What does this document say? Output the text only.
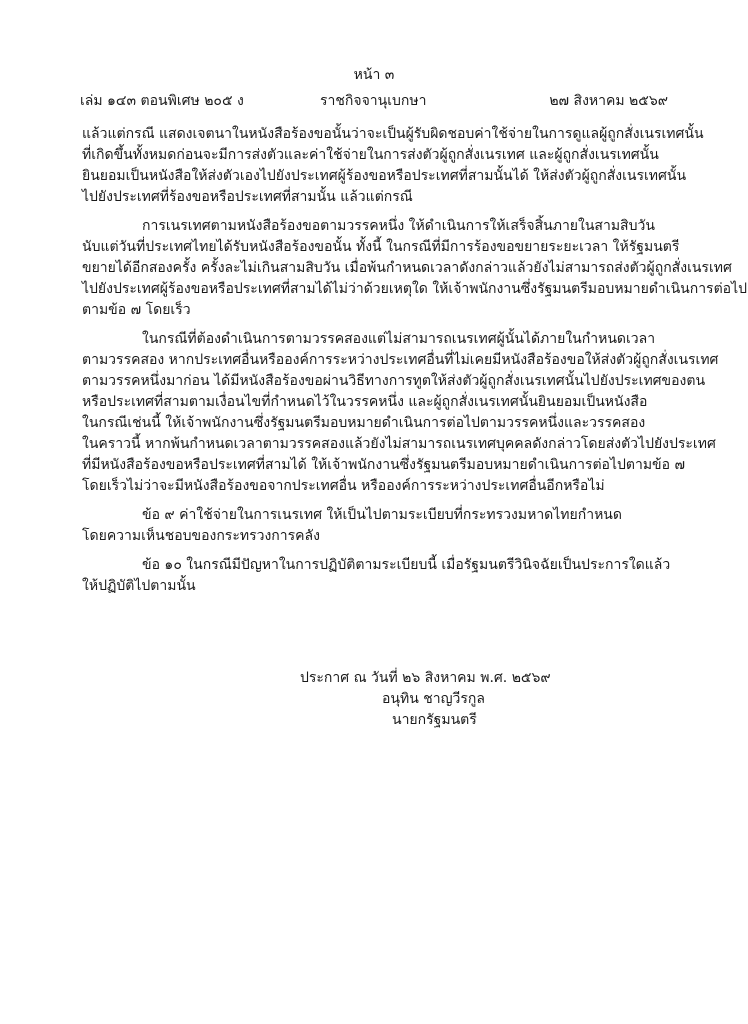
หน้า ๓
เล่ม ๑๔๓ ตอนพิเศษ ๒๐๕ ง	ราชกิจจานุเบกษา	๒๗ สิงหาคม ๒๕๖๙
แล้วแต่กรณี แสดงเจตนาในหนังสือร้องขอนั้นว่าจะเป็นผู้รับผิดชอบค่าใช้จ่ายในการดูแลผู้ถูกสั่งเนรเทศนั้น
ที่เกิดขึ้นทั้งหมดก่อนจะมีการส่งตัวและค่าใช้จ่ายในการส่งตัวผู้ถูกสั่งเนรเทศ และผู้ถูกสั่งเนรเทศนั้น
ยินยอมเป็นหนังสือให้ส่งตัวเองไปยังประเทศผู้ร้องขอหรือประเทศที่สามนั้นได้ ให้ส่งตัวผู้ถูกสั่งเนรเทศนั้น
ไปยังประเทศที่ร้องขอหรือประเทศที่สามนั้น แล้วแต่กรณี
การเนรเทศตามหนังสือร้องขอตามวรรคหนึ่ง ให้ดำเนินการให้เสร็จสิ้นภายในสามสิบวัน
นับแต่วันที่ประเทศไทยได้รับหนังสือร้องขอนั้น ทั้งนี้ ในกรณีที่มีการร้องขอขยายระยะเวลา ให้รัฐมนตรี
ขยายได้อีกสองครั้ง ครั้งละไม่เกินสามสิบวัน เมื่อพ้นกำหนดเวลาดังกล่าวแล้วยังไม่สามารถส่งตัวผู้ถูกสั่งเนรเทศ
ไปยังประเทศผู้ร้องขอหรือประเทศที่สามได้ไม่ว่าด้วยเหตุใด ให้เจ้าพนักงานซึ่งรัฐมนตรีมอบหมายดำเนินการต่อไป
ตามข้อ ๗ โดยเร็ว
ในกรณีที่ต้องดำเนินการตามวรรคสองแต่ไม่สามารถเนรเทศผู้นั้นได้ภายในกำหนดเวลา
ตามวรรคสอง หากประเทศอื่นหรือองค์การระหว่างประเทศอื่นที่ไม่เคยมีหนังสือร้องขอให้ส่งตัวผู้ถูกสั่งเนรเทศ
ตามวรรคหนึ่งมาก่อน ได้มีหนังสือร้องขอผ่านวิธีทางการทูตให้ส่งตัวผู้ถูกสั่งเนรเทศนั้นไปยังประเทศของตน
หรือประเทศที่สามตามเงื่อนไขที่กำหนดไว้ในวรรคหนึ่ง และผู้ถูกสั่งเนรเทศนั้นยินยอมเป็นหนังสือ
ในกรณีเช่นนี้ ให้เจ้าพนักงานซึ่งรัฐมนตรีมอบหมายดำเนินการต่อไปตามวรรคหนึ่งและวรรคสอง
ในคราวนี้ หากพ้นกำหนดเวลาตามวรรคสองแล้วยังไม่สามารถเนรเทศบุคคลดังกล่าวโดยส่งตัวไปยังประเทศ
ที่มีหนังสือร้องขอหรือประเทศที่สามได้ ให้เจ้าพนักงานซึ่งรัฐมนตรีมอบหมายดำเนินการต่อไปตามข้อ ๗
โดยเร็วไม่ว่าจะมีหนังสือร้องขอจากประเทศอื่น หรือองค์การระหว่างประเทศอื่นอีกหรือไม่
ข้อ ๙ ค่าใช้จ่ายในการเนรเทศ ให้เป็นไปตามระเบียบที่กระทรวงมหาดไทยกำหนด
โดยความเห็นชอบของกระทรวงการคลัง
ข้อ ๑๐ ในกรณีมีปัญหาในการปฏิบัติตามระเบียบนี้ เมื่อรัฐมนตรีวินิจฉัยเป็นประการใดแล้ว
ให้ปฏิบัติไปตามนั้น
ประกาศ ณ วันที่ ๒๖ สิงหาคม พ.ศ. ๒๕๖๙
อนุทิน ชาญวีรกูล
นายกรัฐมนตรี
